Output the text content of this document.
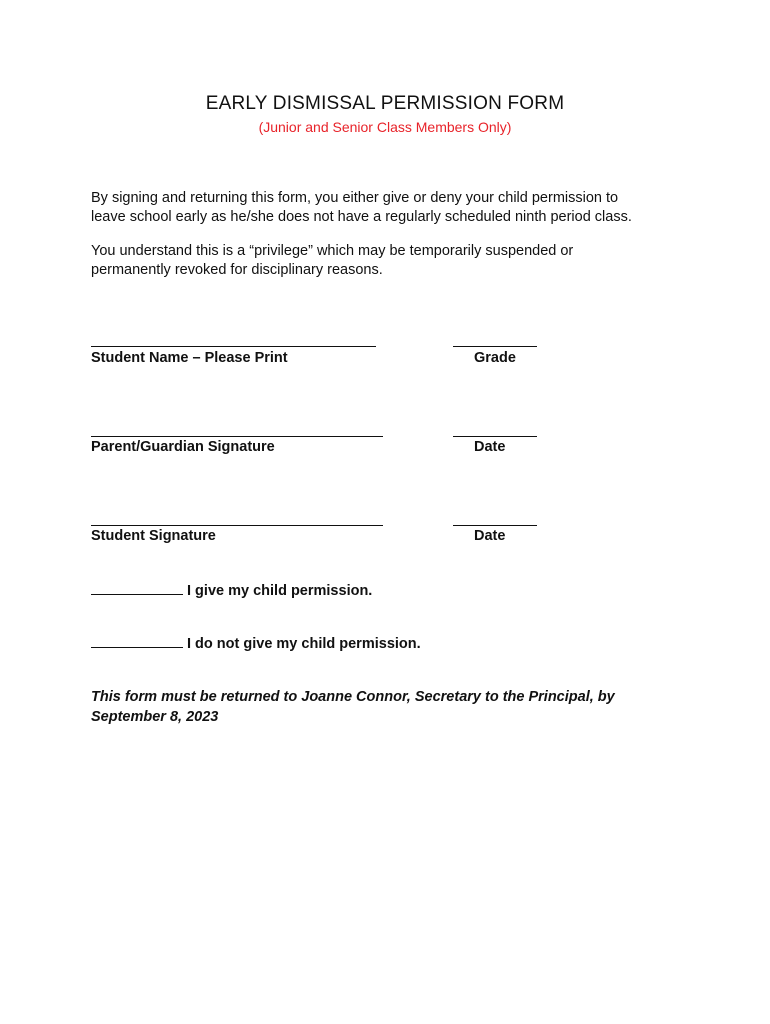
EARLY DISMISSAL PERMISSION FORM
(Junior and Senior Class Members Only)
By signing and returning this form, you either give or deny your child permission to
leave school early as he/she does not have a regularly scheduled ninth period class.
You understand this is a “privilege” which may be temporarily suspended or
permanently revoked for disciplinary reasons.
Student Name – Please Print	Grade
Parent/Guardian Signature	Date
Student Signature	Date
I give my child permission.
I do not give my child permission.
This form must be returned to Joanne Connor, Secretary to the Principal, by
September 8, 2023
